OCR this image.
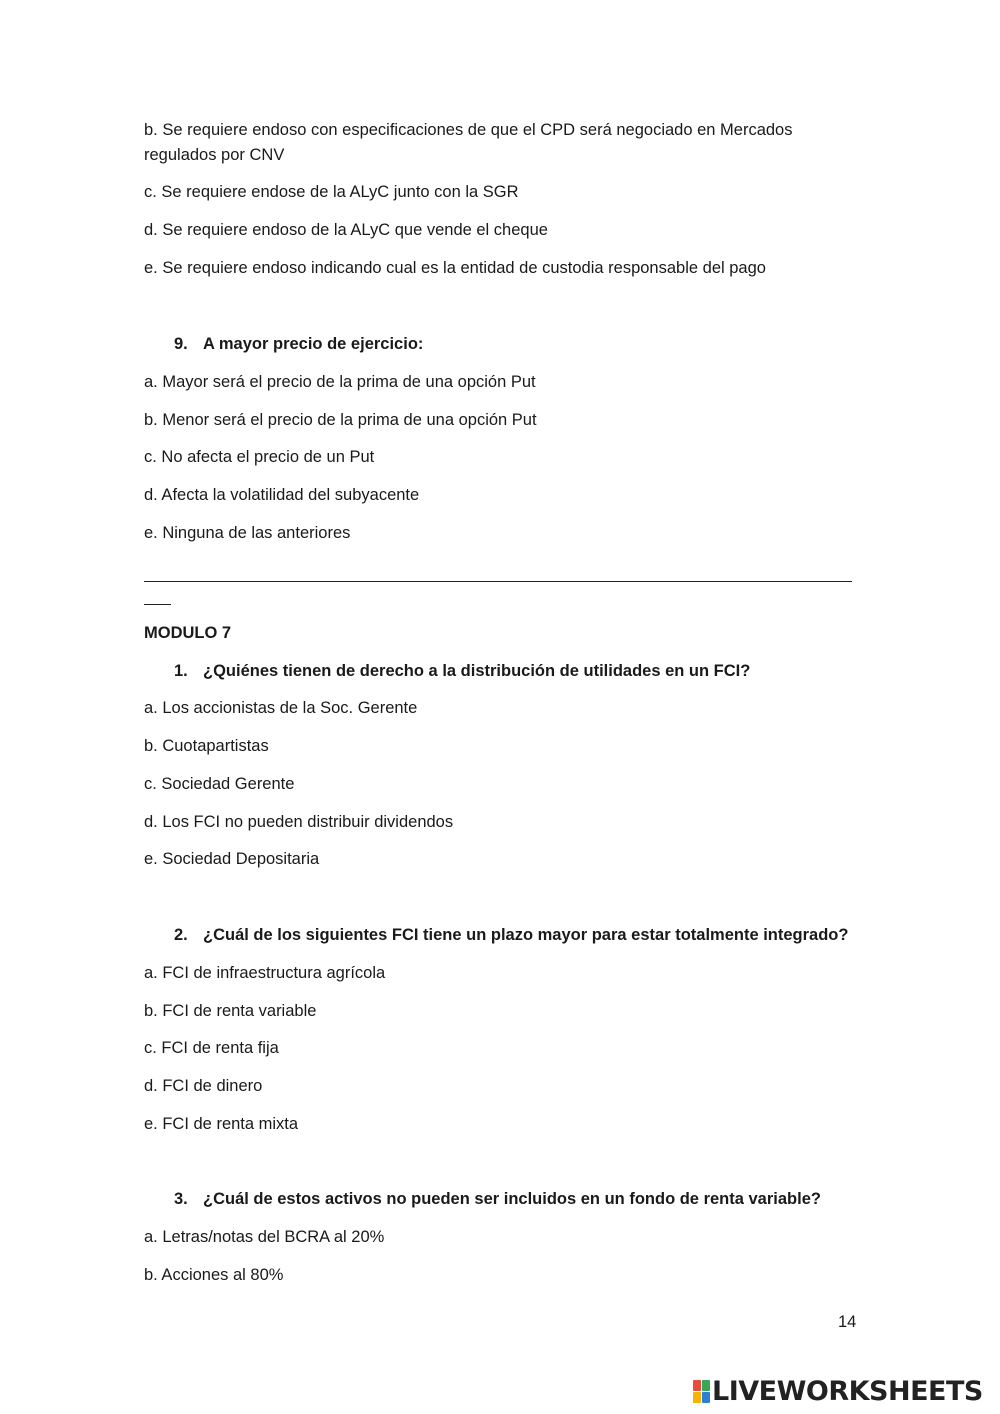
b. Se requiere endoso con especificaciones de que el CPD será negociado en Mercados
regulados por CNV
c. Se requiere endose de la ALyC junto con la SGR
d. Se requiere endoso de la ALyC que vende el cheque
e. Se requiere endoso indicando cual es la entidad de custodia responsable del pago
9. A mayor precio de ejercicio:
a. Mayor será el precio de la prima de una opción Put
b. Menor será el precio de la prima de una opción Put
c. No afecta el precio de un Put
d. Afecta la volatilidad del subyacente
e. Ninguna de las anteriores
MODULO 7
1. ¿Quiénes tienen de derecho a la distribución de utilidades en un FCI?
a. Los accionistas de la Soc. Gerente
b. Cuotapartistas
c. Sociedad Gerente
d. Los FCI no pueden distribuir dividendos
e. Sociedad Depositaria
2. ¿Cuál de los siguientes FCI tiene un plazo mayor para estar totalmente integrado?
a. FCI de infraestructura agrícola
b. FCI de renta variable
c. FCI de renta fija
d. FCI de dinero
e. FCI de renta mixta
3. ¿Cuál de estos activos no pueden ser incluidos en un fondo de renta variable?
a. Letras/notas del BCRA al 20%
b. Acciones al 80%
14
LIVEWORKSHEETS
